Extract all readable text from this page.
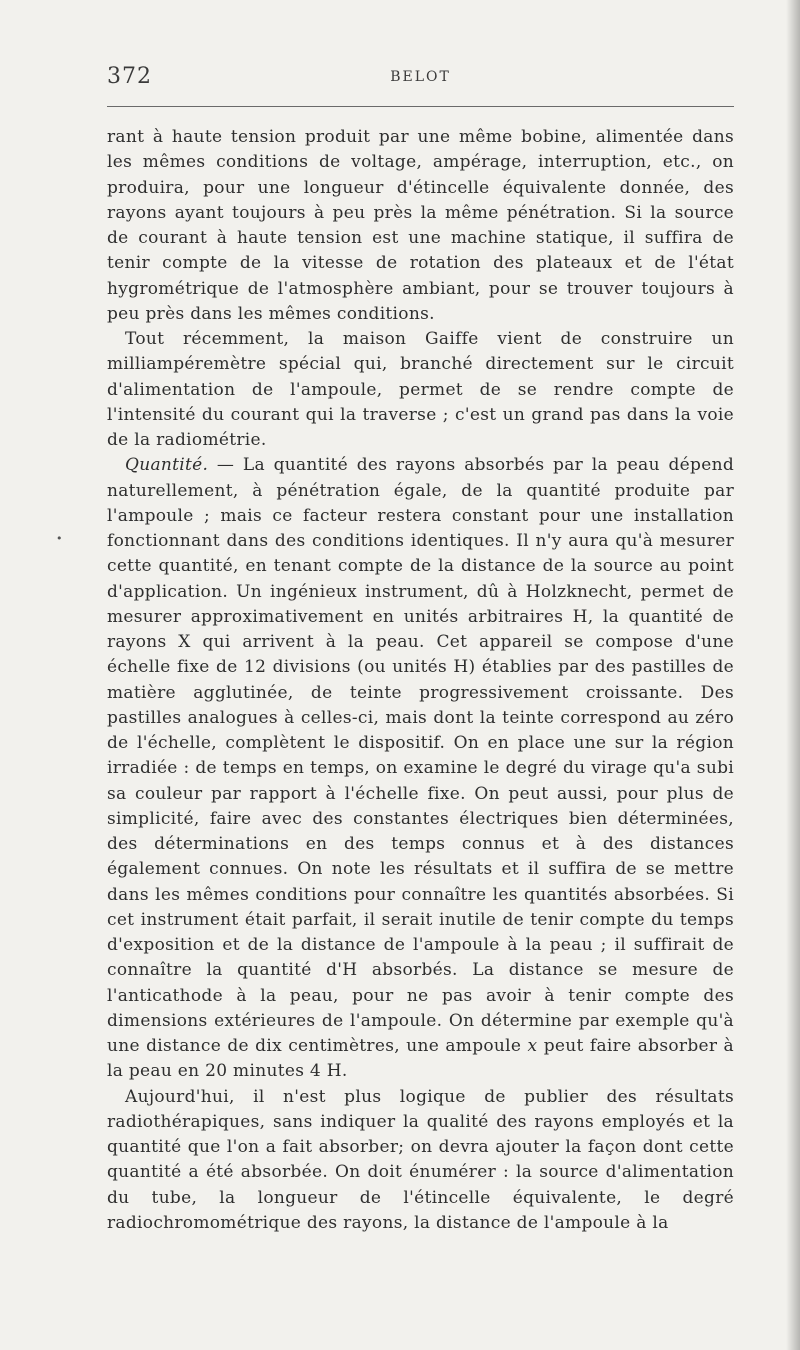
372	BELOT
•

rant à haute tension produit par une même bobine, alimentée dans les mêmes conditions de voltage, ampérage, interruption, etc., on produira, pour une longueur d'étincelle équivalente donnée, des rayons ayant toujours à peu près la même pénétration. Si la source de courant à haute tension est une machine statique, il suffira de tenir compte de la vitesse de rotation des plateaux et de l'état hygrométrique de l'atmosphère ambiant, pour se trouver toujours à peu près dans les mêmes conditions.

Tout récemment, la maison Gaiffe vient de construire un milliampéremètre spécial qui, branché directement sur le circuit d'alimentation de l'ampoule, permet de se rendre compte de l'intensité du courant qui la traverse ; c'est un grand pas dans la voie de la radiométrie.

Quantité. — La quantité des rayons absorbés par la peau dépend naturellement, à pénétration égale, de la quantité produite par l'ampoule ; mais ce facteur restera constant pour une installation fonctionnant dans des conditions identiques. Il n'y aura qu'à mesurer cette quantité, en tenant compte de la distance de la source au point d'application. Un ingénieux instrument, dû à Holzknecht, permet de mesurer approximativement en unités arbitraires H, la quantité de rayons X qui arrivent à la peau. Cet appareil se compose d'une échelle fixe de 12 divisions (ou unités H) établies par des pastilles de matière agglutinée, de teinte progressivement croissante. Des pastilles analogues à celles-ci, mais dont la teinte correspond au zéro de l'échelle, complètent le dispositif. On en place une sur la région irradiée : de temps en temps, on examine le degré du virage qu'a subi sa couleur par rapport à l'échelle fixe. On peut aussi, pour plus de simplicité, faire avec des constantes électriques bien déterminées, des déterminations en des temps connus et à des distances également connues. On note les résultats et il suffira de se mettre dans les mêmes conditions pour connaître les quantités absorbées. Si cet instrument était parfait, il serait inutile de tenir compte du temps d'exposition et de la distance de l'ampoule à la peau ; il suffirait de connaître la quantité d'H absorbés. La distance se mesure de l'anticathode à la peau, pour ne pas avoir à tenir compte des dimensions extérieures de l'ampoule. On détermine par exemple qu'à une distance de dix centimètres, une ampoule x peut faire absorber à la peau en 20 minutes 4 H.

Aujourd'hui, il n'est plus logique de publier des résultats radiothérapiques, sans indiquer la qualité des rayons employés et la quantité que l'on a fait absorber; on devra ajouter la façon dont cette quantité a été absorbée. On doit énumérer : la source d'alimentation du tube, la longueur de l'étincelle équivalente, le degré radiochromométrique des rayons, la distance de l'ampoule à la
